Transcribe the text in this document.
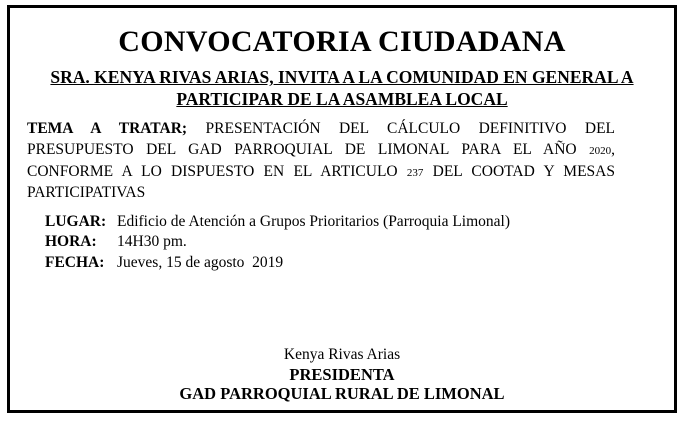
CONVOCATORIA CIUDADANA
SRA. KENYA RIVAS ARIAS, INVITA A LA COMUNIDAD EN GENERAL A PARTICIPAR DE LA ASAMBLEA LOCAL

TEMA A TRATAR; PRESENTACIÓN DEL CÁLCULO DEFINITIVO DEL PRESUPUESTO DEL GAD PARROQUIAL DE LIMONAL PARA EL AÑO 2020, CONFORME A LO DISPUESTO EN EL ARTICULO 237 DEL COOTAD Y MESAS PARTICIPATIVAS

LUGAR: Edificio de Atención a Grupos Prioritarios (Parroquia Limonal)
HORA: 14H30 pm.
FECHA: Jueves, 15 de agosto  2019
Kenya Rivas Arias
PRESIDENTA
GAD PARROQUIAL RURAL DE LIMONAL
